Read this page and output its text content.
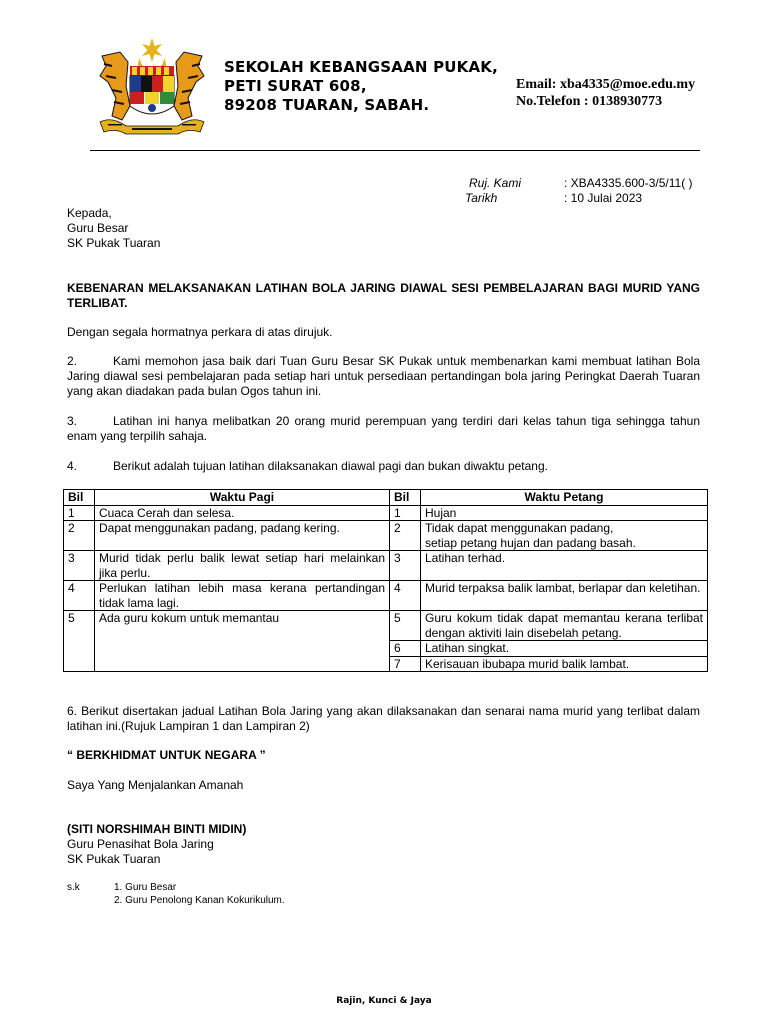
SEKOLAH KEBANGSAAN PUKAK,
PETI SURAT 608,
89208 TUARAN, SABAH.
Email: xba4335@moe.edu.my
No.Telefon : 0138930773
Ruj. Kami	: XBA4335.600-3/5/11( )
Tarikh	: 10 Julai 2023
Kepada,
Guru Besar
SK Pukak Tuaran
KEBENARAN MELAKSANAKAN LATIHAN BOLA JARING DIAWAL SESI PEMBELAJARAN BAGI MURID YANG TERLIBAT.
Dengan segala hormatnya perkara di atas dirujuk.
2.	Kami memohon jasa baik dari Tuan Guru Besar SK Pukak untuk membenarkan kami membuat latihan Bola Jaring diawal sesi pembelajaran pada setiap hari untuk persediaan pertandingan bola jaring Peringkat Daerah Tuaran yang akan diadakan pada bulan Ogos tahun ini.
3.	Latihan ini hanya melibatkan 20 orang murid perempuan yang terdiri dari kelas tahun tiga sehingga tahun enam yang terpilih sahaja.
4.	Berikut adalah tujuan latihan dilaksanakan diawal pagi dan bukan diwaktu petang.
Bil	Waktu Pagi	Bil	Waktu Petang
1	Cuaca Cerah dan selesa.	1	Hujan
2	Dapat menggunakan padang, padang kering.	2	Tidak dapat menggunakan padang,
setiap petang hujan dan padang basah.
3	Murid tidak perlu balik lewat setiap hari melainkan jika perlu.	3	Latihan terhad.
4	Perlukan latihan lebih masa kerana pertandingan tidak lama lagi.	4	Murid terpaksa balik lambat, berlapar dan keletihan.
5	Ada guru kokum untuk memantau	5	Guru kokum tidak dapat memantau kerana terlibat dengan aktiviti lain disebelah petang.
		6	Latihan singkat.
		7	Kerisauan ibubapa murid balik lambat.
6. Berikut disertakan jadual Latihan Bola Jaring yang akan dilaksanakan dan senarai nama murid yang terlibat dalam latihan ini.(Rujuk Lampiran 1 dan Lampiran 2)
“ BERKHIDMAT UNTUK NEGARA ”
Saya Yang Menjalankan Amanah
(SITI NORSHIMAH BINTI MIDIN)
Guru Penasihat Bola Jaring
SK Pukak Tuaran
s.k	1. Guru Besar
2. Guru Penolong Kanan Kokurikulum.
Rajin, Kunci & Jaya
